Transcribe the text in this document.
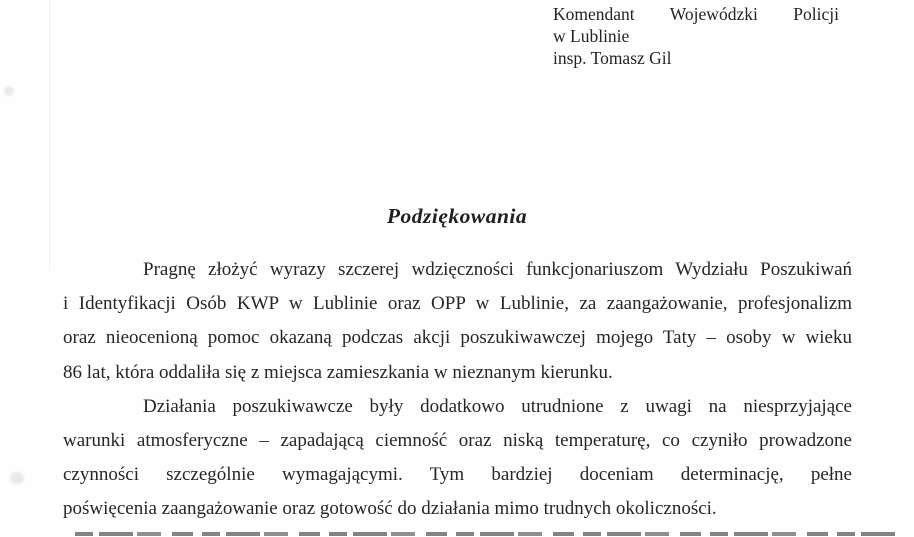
Komendant Wojewódzki Policji
w Lublinie
insp. Tomasz Gil
Podziękowania
Pragnę złożyć wyrazy szczerej wdzięczności funkcjonariuszom Wydziału Poszukiwań
i Identyfikacji Osób KWP w Lublinie oraz OPP w Lublinie, za zaangażowanie, profesjonalizm
oraz nieocenioną pomoc okazaną podczas akcji poszukiwawczej mojego Taty – osoby w wieku
86 lat, która oddaliła się z miejsca zamieszkania w nieznanym kierunku.
Działania poszukiwawcze były dodatkowo utrudnione z uwagi na niesprzyjające
warunki atmosferyczne – zapadającą ciemność oraz niską temperaturę, co czyniło prowadzone
czynności szczególnie wymagającymi. Tym bardziej doceniam determinację, pełne
poświęcenia zaangażowanie oraz gotowość do działania mimo trudnych okoliczności.
